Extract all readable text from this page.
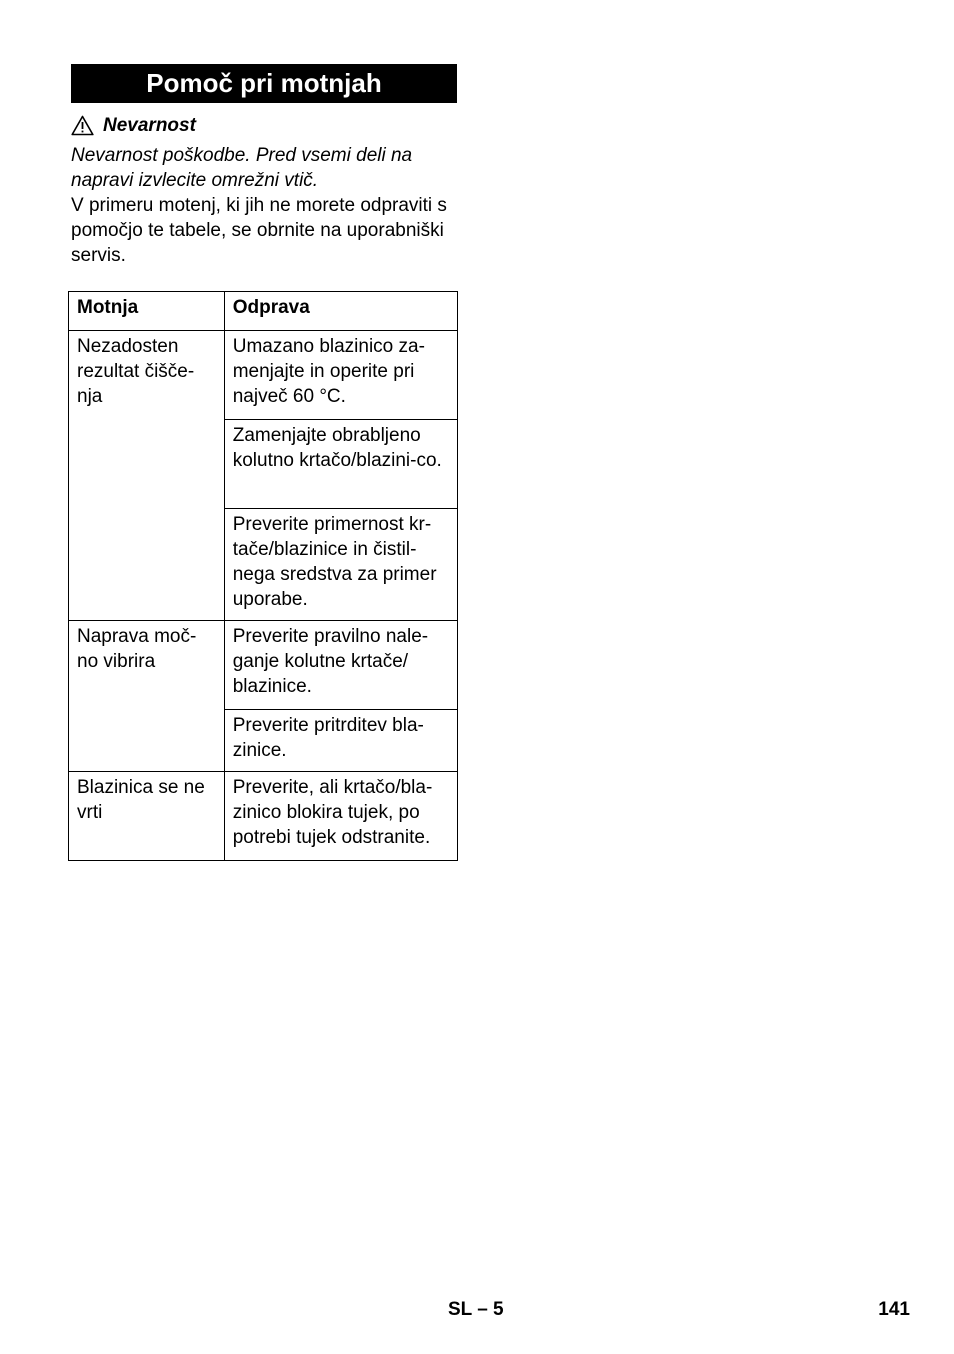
Pomoč pri motnjah
Nevarnost

Nevarnost poškodbe. Pred vsemi deli na napravi izvlecite omrežni vtič.

V primeru motenj, ki jih ne morete odpraviti s pomočjo te tabele, se obrnite na uporabniški servis.

Motnja	Odprava
Nezadosten rezultat čišče-nja	Umazano blazinico za-menjajte in operite pri največ 60 °C.
	Zamenjajte obrabljeno kolutno krtačo/blazini-co.
	Preverite primernost kr-tače/blazinice in čistil-nega sredstva za primer uporabe.
Naprava moč-no vibrira	Preverite pravilno nale-ganje kolutne krtače/ blazinice.
	Preverite pritrditev bla-zinice.
Blazinica se ne vrti	Preverite, ali krtačo/bla-zinico blokira tujek, po potrebi tujek odstranite.
SL – 5	141
